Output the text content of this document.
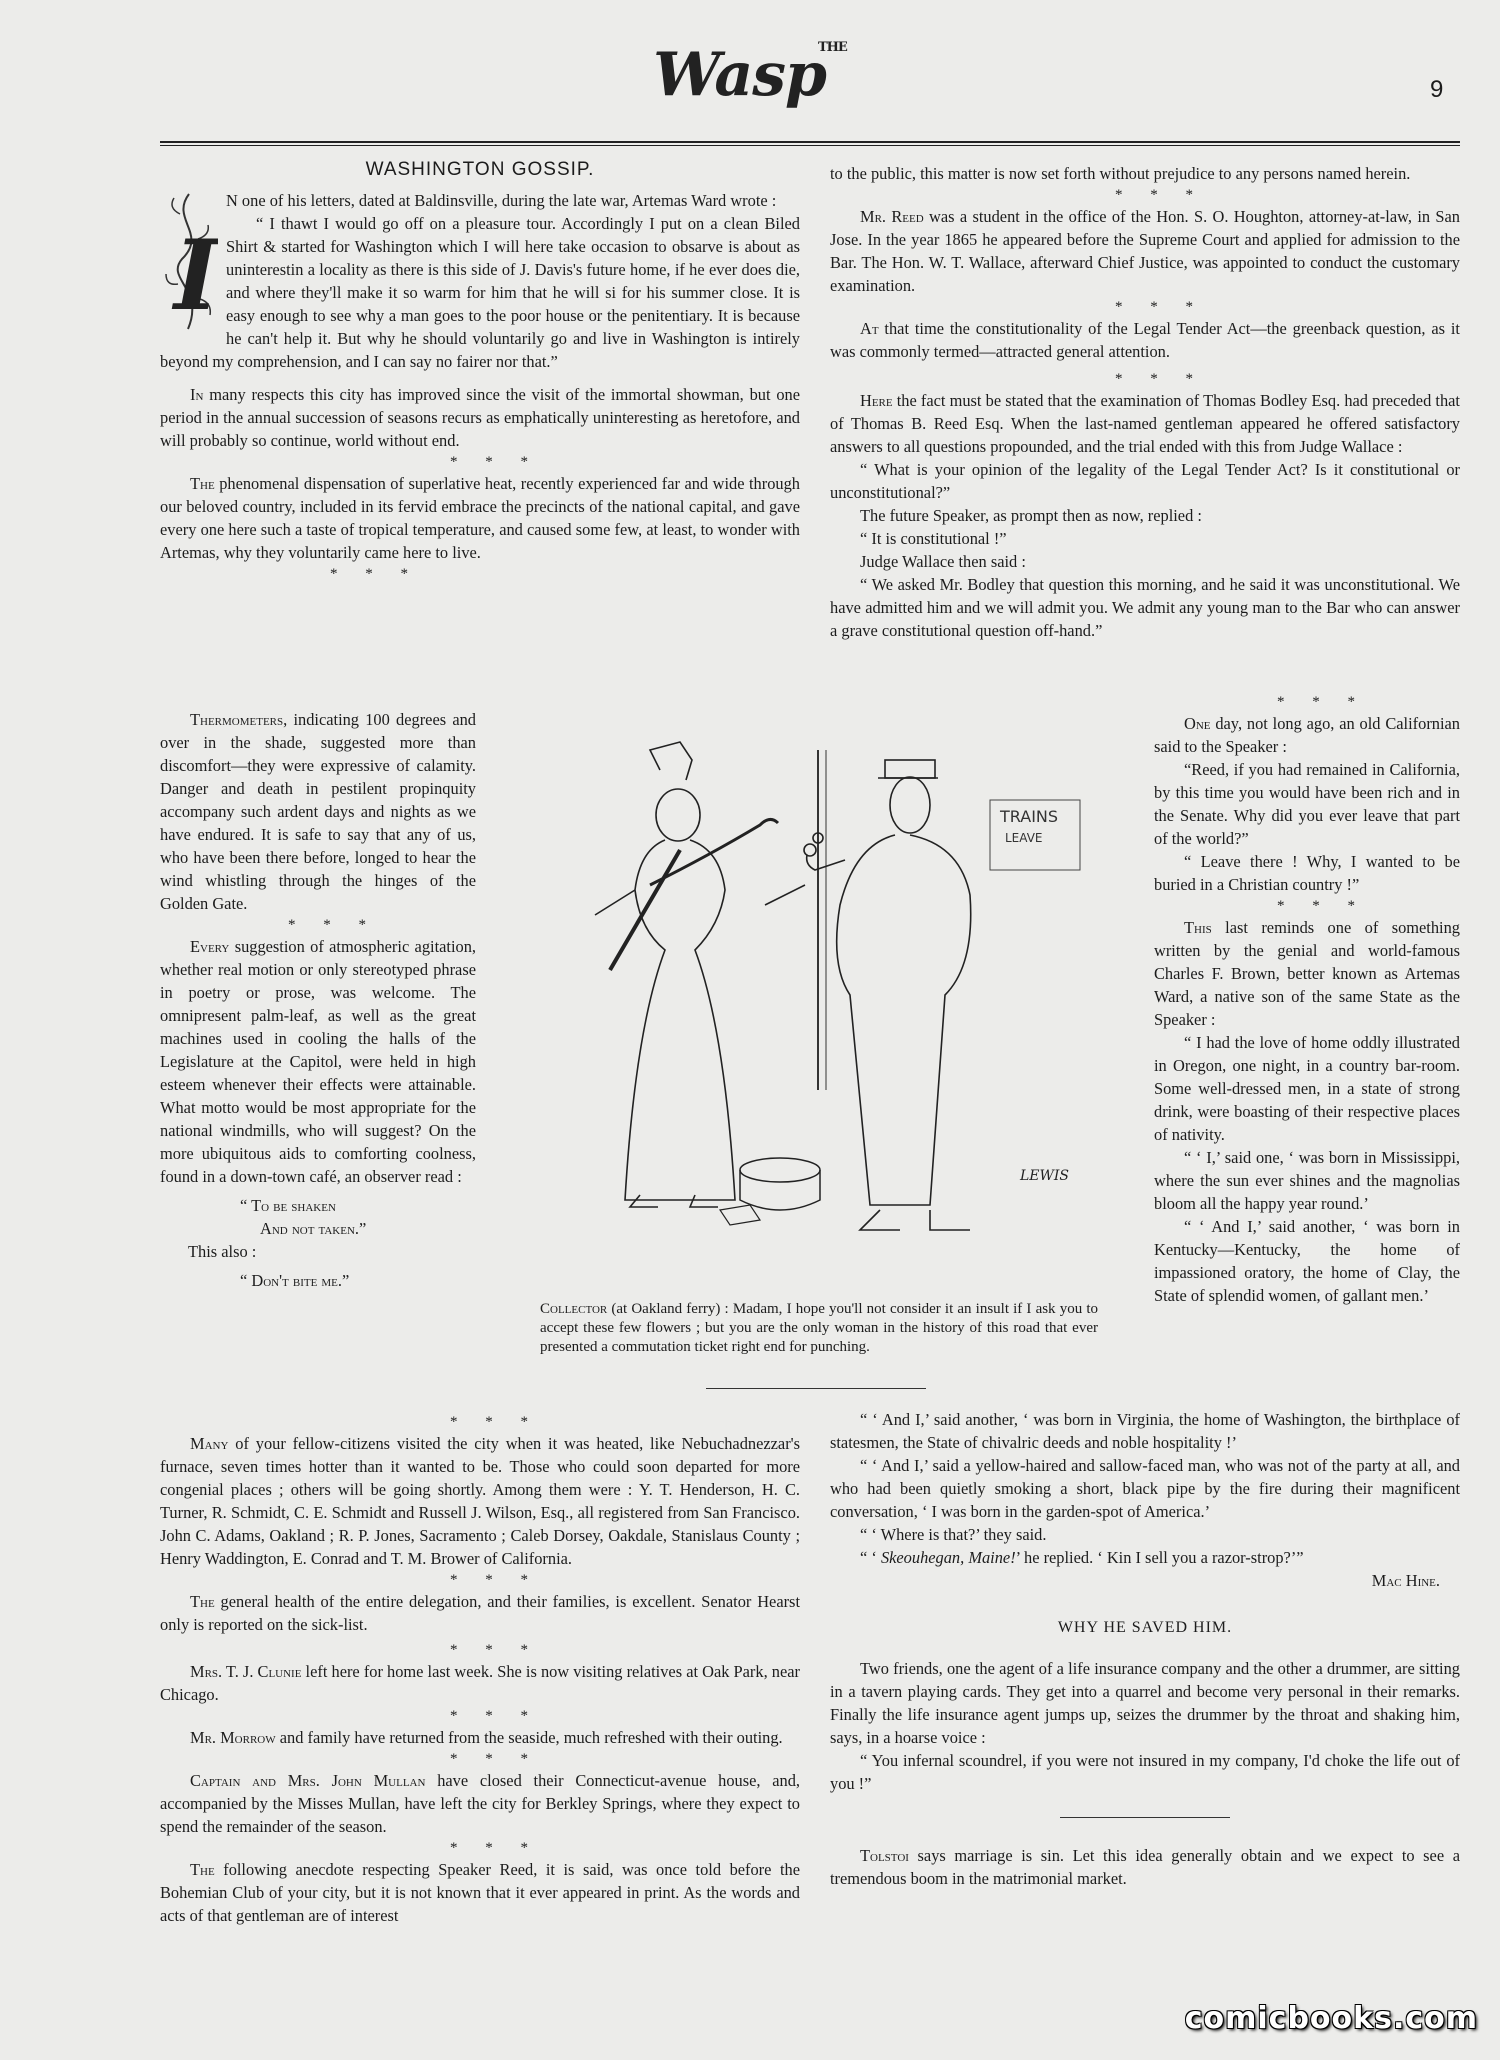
Wasp$^{THE}$
9
WASHINGTON GOSSIP.
I

N one of his letters, dated at Baldinsville, during the late war, Artemas Ward wrote :

“ I thawt I would go off on a pleasure tour. Accordingly I put on a clean Biled Shirt & started for Washington which I will here take occasion to obsarve is about as uninterestin a locality as there is this side of J. Davis's future home, if he ever does die, and where they'll make it so warm for him that he will si for his summer close. It is easy enough to see why a man goes to the poor house or the penitentiary. It is because he can't help it. But why he should voluntarily go and live in Washington is intirely beyond my comprehension, and I can say no fairer nor that.”

In many respects this city has improved since the visit of the immortal showman, but one period in the annual succession of seasons recurs as emphatically uninteresting as heretofore, and will probably so continue, world without end.

* * *

The phenomenal dispensation of superlative heat, recently experienced far and wide through our beloved country, included in its fervid embrace the precincts of the national capital, and gave every one here such a taste of tropical temperature, and caused some few, at least, to wonder with Artemas, why they voluntarily came here to live.

* * *

Thermometers, indicating 100 degrees and over in the shade, suggested more than discomfort—they were expressive of calamity. Danger and death in pestilent propinquity accompany such ardent days and nights as we have endured. It is safe to say that any of us, who have been there before, longed to hear the wind whistling through the hinges of the Golden Gate.

* * *

Every suggestion of atmospheric agitation, whether real motion or only stereotyped phrase in poetry or prose, was welcome. The omnipresent palm-leaf, as well as the great machines used in cooling the halls of the Legislature at the Capitol, were held in high esteem whenever their effects were attainable. What motto would be most appropriate for the national windmills, who will suggest? On the more ubiquitous aids to comforting coolness, found in a down-town café, an observer read :

“ To be shaken

And not taken.”

This also :

“ Don't bite me.”

TRAINS
LEAVE
LEWIS
Collector (at Oakland ferry) : Madam, I hope you'll not consider it an insult if I ask you to accept these few flowers ; but you are the only woman in the history of this road that ever presented a commutation ticket right end for punching.

* * *

Many of your fellow-citizens visited the city when it was heated, like Nebuchadnezzar's furnace, seven times hotter than it wanted to be. Those who could soon departed for more congenial places ; others will be going shortly. Among them were : Y. T. Henderson, H. C. Turner, R. Schmidt, C. E. Schmidt and Russell J. Wilson, Esq., all registered from San Francisco. John C. Adams, Oakland ; R. P. Jones, Sacramento ; Caleb Dorsey, Oakdale, Stanislaus County ; Henry Waddington, E. Conrad and T. M. Brower of California.

* * *

The general health of the entire delegation, and their families, is excellent. Senator Hearst only is reported on the sick-list.

* * *

Mrs. T. J. Clunie left here for home last week. She is now visiting relatives at Oak Park, near Chicago.

* * *

Mr. Morrow and family have returned from the seaside, much refreshed with their outing.

* * *

Captain and Mrs. John Mullan have closed their Connecticut-avenue house, and, accompanied by the Misses Mullan, have left the city for Berkley Springs, where they expect to spend the remainder of the season.

* * *

The following anecdote respecting Speaker Reed, it is said, was once told before the Bohemian Club of your city, but it is not known that it ever appeared in print. As the words and acts of that gentleman are of interest

to the public, this matter is now set forth without prejudice to any persons named herein.

* * *

Mr. Reed was a student in the office of the Hon. S. O. Houghton, attorney-at-law, in San Jose. In the year 1865 he appeared before the Supreme Court and applied for admission to the Bar. The Hon. W. T. Wallace, afterward Chief Justice, was appointed to conduct the customary examination.

* * *

At that time the constitutionality of the Legal Tender Act—the greenback question, as it was commonly termed—attracted general attention.

* * *

Here the fact must be stated that the examination of Thomas Bodley Esq. had preceded that of Thomas B. Reed Esq. When the last-named gentleman appeared he offered satisfactory answers to all questions propounded, and the trial ended with this from Judge Wallace :

“ What is your opinion of the legality of the Legal Tender Act? Is it constitutional or unconstitutional?”

The future Speaker, as prompt then as now, replied :

“ It is constitutional !”

Judge Wallace then said :

“ We asked Mr. Bodley that question this morning, and he said it was unconstitutional. We have admitted him and we will admit you. We admit any young man to the Bar who can answer a grave constitutional question off-hand.”

* * *

One day, not long ago, an old Californian said to the Speaker :

“Reed, if you had remained in California, by this time you would have been rich and in the Senate. Why did you ever leave that part of the world?”

“ Leave there ! Why, I wanted to be buried in a Christian country !”

* * *

This last reminds one of something written by the genial and world-famous Charles F. Brown, better known as Artemas Ward, a native son of the same State as the Speaker :

“ I had the love of home oddly illustrated in Oregon, one night, in a country bar-room. Some well-dressed men, in a state of strong drink, were boasting of their respective places of nativity.

“ ‘ I,’ said one, ‘ was born in Mississippi, where the sun ever shines and the magnolias bloom all the happy year round.’

“ ‘ And I,’ said another, ‘ was born in Kentucky—Kentucky, the home of impassioned oratory, the home of Clay, the State of splendid women, of gallant men.’

“ ‘ And I,’ said another, ‘ was born in Virginia, the home of Washington, the birthplace of statesmen, the State of chivalric deeds and noble hospitality !’

“ ‘ And I,’ said a yellow-haired and sallow-faced man, who was not of the party at all, and who had been quietly smoking a short, black pipe by the fire during their magnificent conversation, ‘ I was born in the garden-spot of America.’

“ ‘ Where is that?’ they said.

“ ‘ Skeouhegan, Maine!’ he replied. ‘ Kin I sell you a razor-strop?’”

Mac Hine.

WHY HE SAVED HIM.

Two friends, one the agent of a life insurance company and the other a drummer, are sitting in a tavern playing cards. They get into a quarrel and become very personal in their remarks. Finally the life insurance agent jumps up, seizes the drummer by the throat and shaking him, says, in a hoarse voice :

“ You infernal scoundrel, if you were not insured in my company, I'd choke the life out of you !”

Tolstoi says marriage is sin. Let this idea generally obtain and we expect to see a tremendous boom in the matrimonial market.

comicbooks.com
